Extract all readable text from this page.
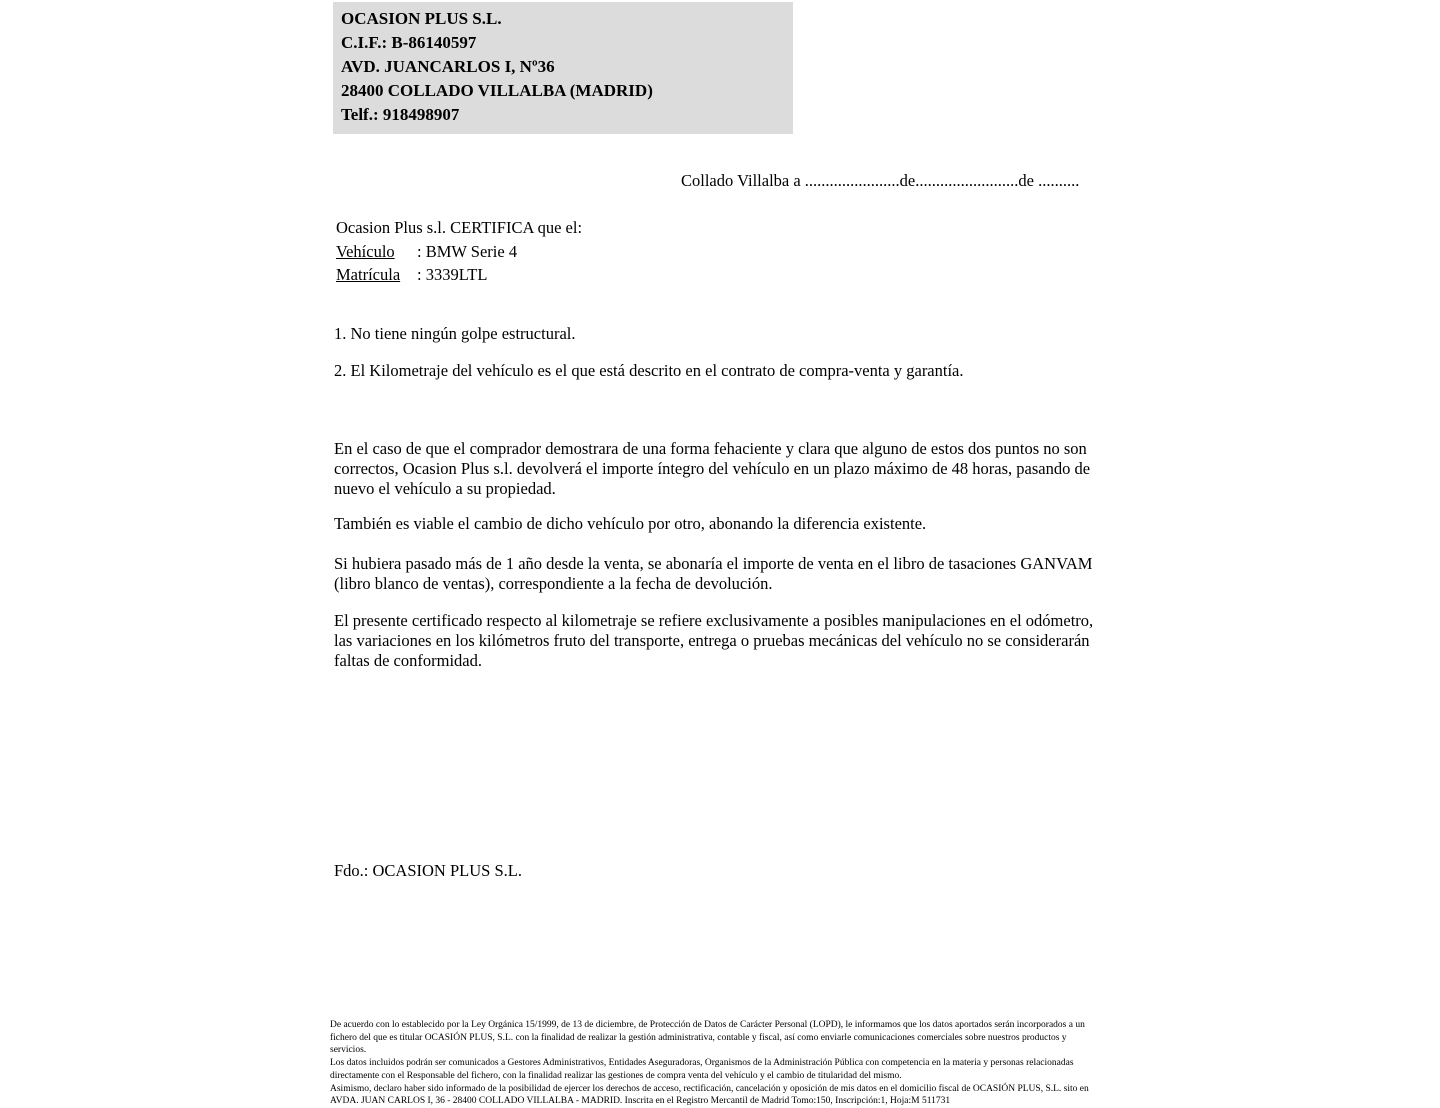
OCASION PLUS S.L.
C.I.F.: B-86140597
AVD. JUANCARLOS I, Nº36
28400 COLLADO VILLALBA (MADRID)
Telf.: 918498907
Collado Villalba a .......................de.........................de ..........
Ocasion Plus s.l. CERTIFICA que el:
Vehículo : BMW Serie 4
Matrícula : 3339LTL
1. No tiene ningún golpe estructural.
2. El Kilometraje del vehículo es el que está descrito en el contrato de compra-venta y garantía.
En el caso de que el comprador demostrara de una forma fehaciente y clara que alguno de estos dos puntos no son correctos, Ocasion Plus s.l. devolverá el importe íntegro del vehículo en un plazo máximo de 48 horas, pasando de nuevo el vehículo a su propiedad.
También es viable el cambio de dicho vehículo por otro, abonando la diferencia existente.
Si hubiera pasado más de 1 año desde la venta, se abonaría el importe de venta en el libro de tasaciones GANVAM (libro blanco de ventas), correspondiente a la fecha de devolución.
El presente certificado respecto al kilometraje se refiere exclusivamente a posibles manipulaciones en el odómetro, las variaciones en los kilómetros fruto del transporte, entrega o pruebas mecánicas del vehículo no se considerarán faltas de conformidad.
Fdo.: OCASION PLUS S.L.

De acuerdo con lo establecido por la Ley Orgánica 15/1999, de 13 de diciembre, de Protección de Datos de Carácter Personal (LOPD), le informamos que los datos aportados serán incorporados a un fichero del que es titular OCASIÓN PLUS, S.L. con la finalidad de realizar la gestión administrativa, contable y fiscal, así como enviarle comunicaciones comerciales sobre nuestros productos y servicios.

Los datos incluidos podrán ser comunicados a Gestores Administrativos, Entidades Aseguradoras, Organismos de la Administración Pública con competencia en la materia y personas relacionadas directamente con el Responsable del fichero, con la finalidad realizar las gestiones de compra venta del vehículo y el cambio de titularidad del mismo.

Asimismo, declaro haber sido informado de la posibilidad de ejercer los derechos de acceso, rectificación, cancelación y oposición de mis datos en el domicilio fiscal de OCASIÓN PLUS, S.L. sito en AVDA. JUAN CARLOS I, 36 - 28400 COLLADO VILLALBA - MADRID. Inscrita en el Registro Mercantil de Madrid Tomo:150, Inscripción:1, Hoja:M 511731
